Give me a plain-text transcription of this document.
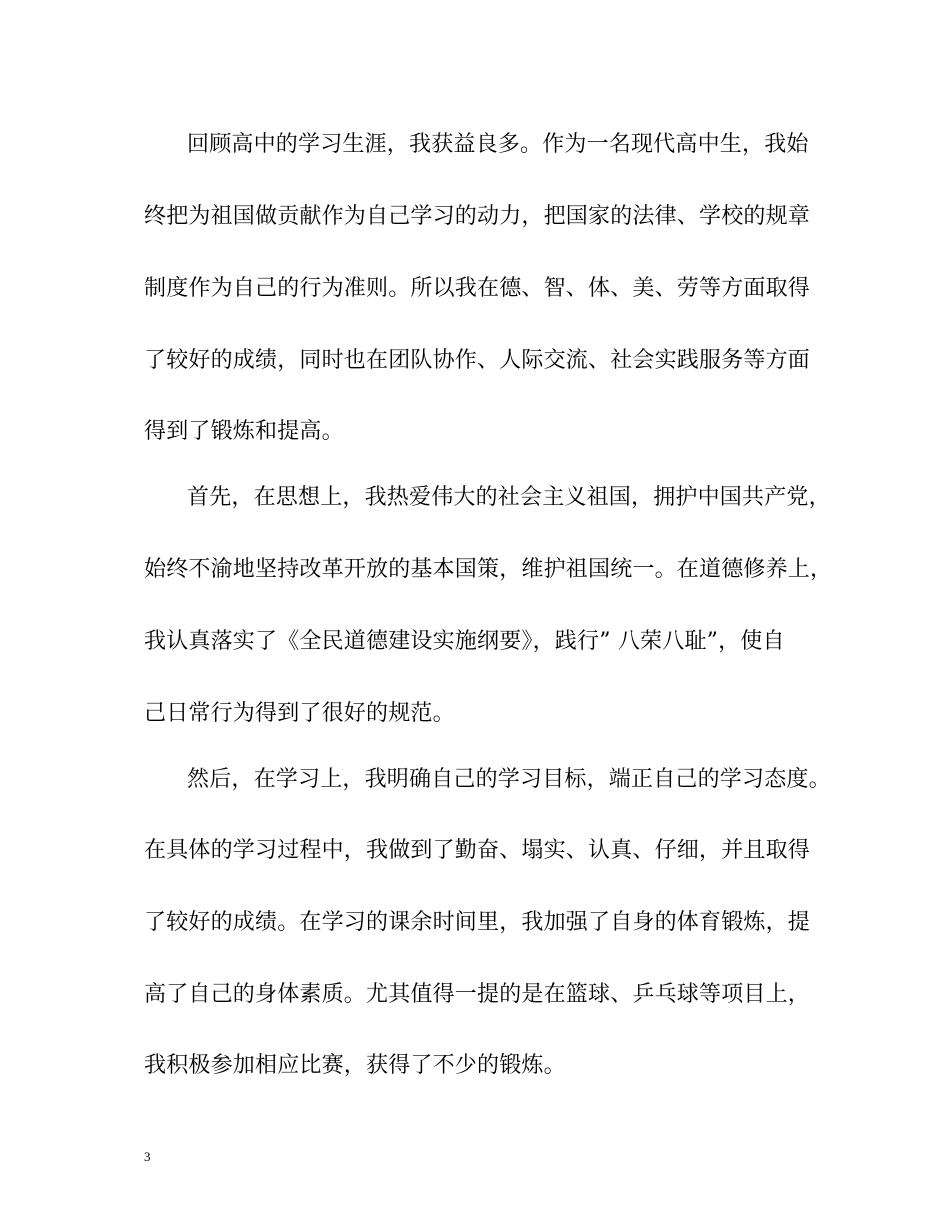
回顾高中的学习生涯，我获益良多。作为一名现代高中生，我始
终把为祖国做贡献作为自己学习的动力，把国家的法律、学校的规章
制度作为自己的行为准则。所以我在德、智、体、美、劳等方面取得
了较好的成绩，同时也在团队协作、人际交流、社会实践服务等方面
得到了锻炼和提高。
首先，在思想上，我热爱伟大的社会主义祖国，拥护中国共产党，
始终不渝地坚持改革开放的基本国策，维护祖国统一。在道德修养上，
我认真落实了《全民道德建设实施纲要》，践行” 八荣八耻”，使自
己日常行为得到了很好的规范。
然后，在学习上，我明确自己的学习目标，端正自己的学习态度。
在具体的学习过程中，我做到了勤奋、塌实、认真、仔细，并且取得
了较好的成绩。在学习的课余时间里，我加强了自身的体育锻炼，提
高了自己的身体素质。尤其值得一提的是在篮球、乒乓球等项目上，
我积极参加相应比赛，获得了不少的锻炼。
3
